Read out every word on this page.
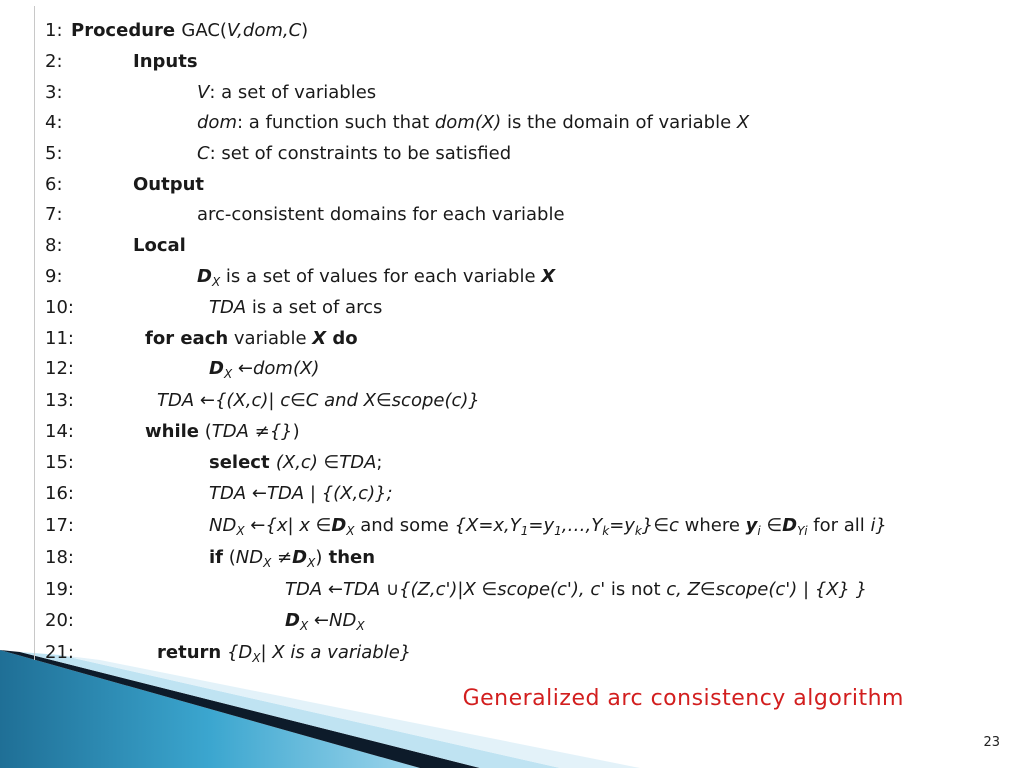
1: Procedure GAC(V,dom,C)
2:	Inputs
3:	V: a set of variables
4:	dom: a function such that dom(X) is the domain of variable X
5:	C: set of constraints to be satisfied
6:	Output
7:	arc-consistent domains for each variable
8:	Local
9:	$D_X$ is a set of values for each variable X
10:	TDA is a set of arcs
11:	for each variable X do
12:	$D_X$ ←dom(X)
13:	TDA ←{(X,c)| c∈C and X∈scope(c)}
14:	while (TDA ≠{})
15:	select (X,c) ∈TDA;
16:	TDA ←TDA | {(X,c)};
17:	$ND_X$ ←{x| x $\in D_X$ and some $\{X=x,Y_1=y_1,\dots,Y_k=y_k\}\in c$ where $y_i$ $\in D_{Yi}$ for all i}
18:	if $(ND_X \ne D_X)$ then
19:	TDA ←TDA ∪{(Z,c')|X ∈scope(c'), c' is not c, Z∈scope(c') | {X} }
20:	$D_X$ $\leftarrow ND_X$
21:	return {$D_X|$ X is a variable}
Generalized arc consistency algorithm
23
